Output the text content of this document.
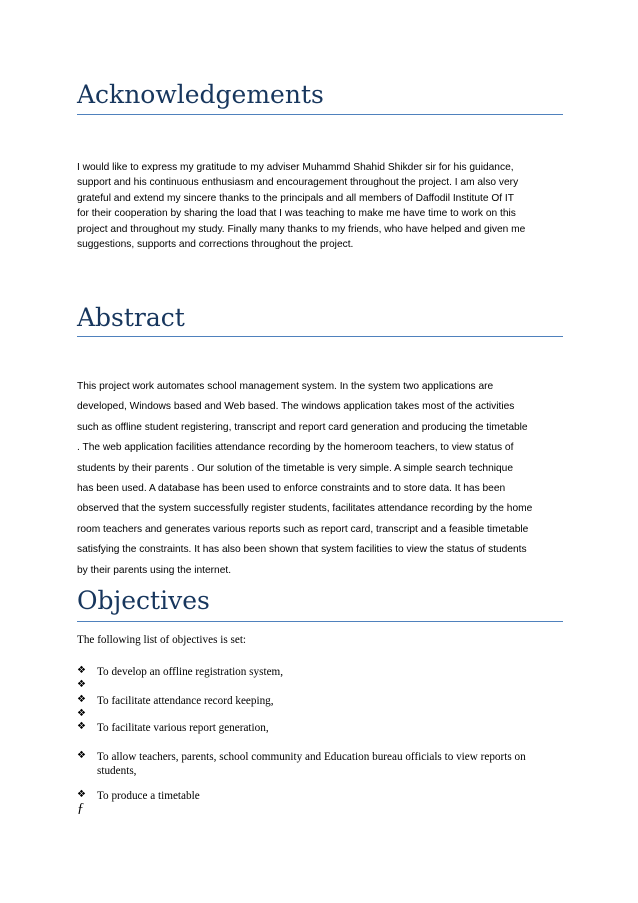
Acknowledgements
I would like to express my gratitude to my adviser Muhammd Shahid Shikder sir for his guidance,
support and his continuous enthusiasm and encouragement throughout the project. I am also very
grateful and extend my sincere thanks to the principals and all members of Daffodil Institute Of IT
for their cooperation by sharing the load that I was teaching to make me have time to work on this
project and throughout my study. Finally many thanks to my friends, who have helped and given me
suggestions, supports and corrections throughout the project.
Abstract
This project work automates school management system. In the system two applications are
developed, Windows based and Web based. The windows application takes most of the activities
such as offline student registering, transcript and report card generation and producing the timetable
. The web application facilities attendance recording by the homeroom teachers, to view status of
students by their parents . Our solution of the timetable is very simple. A simple search technique
has been used. A database has been used to enforce constraints and to store data. It has been
observed that the system successfully register students, facilitates attendance recording by the home
room teachers and generates various reports such as report card, transcript and a feasible timetable
satisfying the constraints. It has also been shown that system facilities to view the status of students
by their parents using the internet.
Objectives
The following list of objectives is set:
❖ To develop an offline registration system,
❖
❖ To facilitate attendance record keeping,
❖
❖ To facilitate various report generation,
❖ To allow teachers, parents, school community and Education bureau officials to view reports on
students,
❖ To produce a timetable
ƒ
